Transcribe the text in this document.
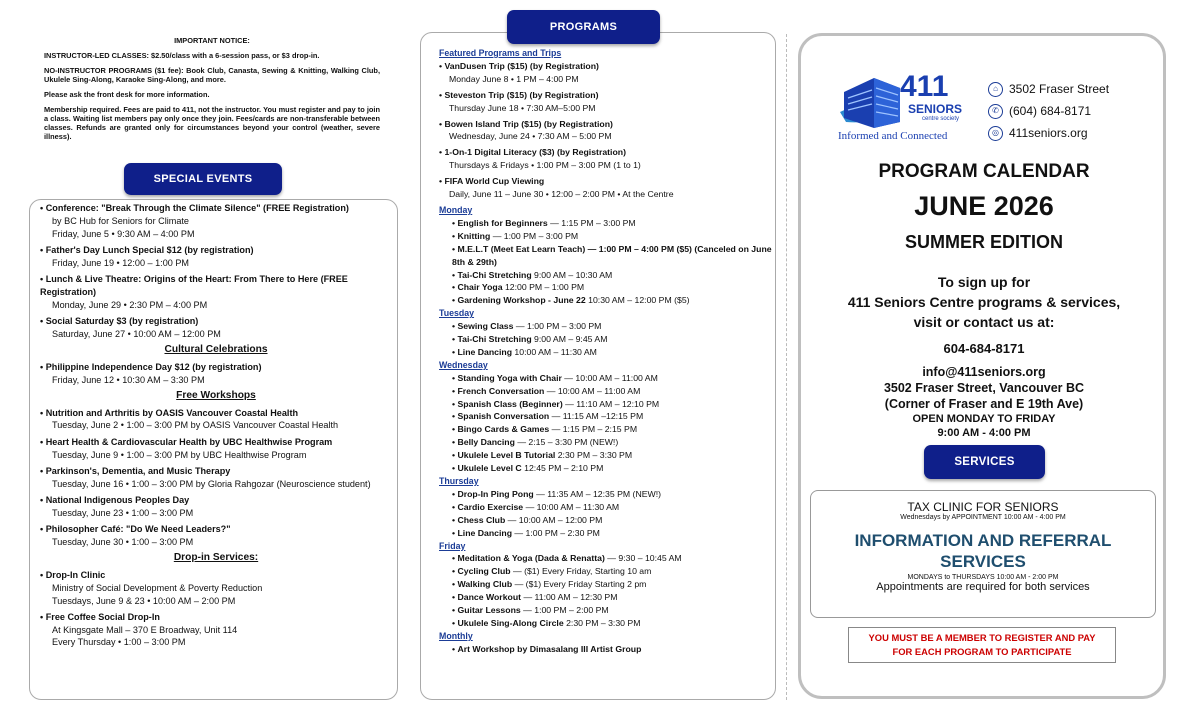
IMPORTANT NOTICE:

INSTRUCTOR-LED CLASSES: $2.50/class with a 6-session pass, or $3 drop-in.

NO-INSTRUCTOR PROGRAMS ($1 fee): Book Club, Canasta, Sewing & Knitting, Walking Club, Ukulele Sing-Along, Karaoke Sing-Along, and more.

Please ask the front desk for more information.

Membership required. Fees are paid to 411, not the instructor. You must register and pay to join a class. Waiting list members pay only once they join. Fees/cards are non-transferable between classes. Refunds are granted only for circumstances beyond your control (weather, severe illness).

SPECIAL EVENTS
• Conference: "Break Through the Climate Silence" (FREE Registration)
by BC Hub for Seniors for Climate
Friday, June 5 • 9:30 AM – 4:00 PM
• Father's Day Lunch Special $12 (by registration)
Friday, June 19 • 12:00 – 1:00 PM
• Lunch & Live Theatre: Origins of the Heart: From There to Here (FREE Registration)
Monday, June 29 • 2:30 PM – 4:00 PM
• Social Saturday $3 (by registration)
Saturday, June 27 • 10:00 AM – 12:00 PM
Cultural Celebrations
• Philippine Independence Day $12 (by registration)
Friday, June 12 • 10:30 AM – 3:30 PM
Free Workshops
• Nutrition and Arthritis by OASIS Vancouver Coastal Health
Tuesday, June 2 • 1:00 – 3:00 PM by OASIS Vancouver Coastal Health
• Heart Health & Cardiovascular Health by UBC Healthwise Program
Tuesday, June 9 • 1:00 – 3:00 PM by UBC Healthwise Program
• Parkinson's, Dementia, and Music Therapy
Tuesday, June 16 • 1:00 – 3:00 PM by Gloria Rahgozar (Neuroscience student)
• National Indigenous Peoples Day
Tuesday, June 23 • 1:00 – 3:00 PM
• Philosopher Café: "Do We Need Leaders?"
Tuesday, June 30 • 1:00 – 3:00 PM
Drop-in Services:
• Drop-In Clinic
Ministry of Social Development & Poverty Reduction
Tuesdays, June 9 & 23 • 10:00 AM – 2:00 PM
• Free Coffee Social Drop-In
At Kingsgate Mall – 370 E Broadway, Unit 114
Every Thursday • 1:00 – 3:00 PM
PROGRAMS
Featured Programs and Trips
• VanDusen Trip ($15) (by Registration)
Monday June 8 • 1 PM – 4:00 PM
• Steveston Trip ($15) (by Registration)
Thursday June 18 • 7:30 AM–5:00 PM
• Bowen Island Trip ($15) (by Registration)
Wednesday, June 24 • 7:30 AM – 5:00 PM
• 1-On-1 Digital Literacy ($3) (by Registration)
Thursdays & Fridays • 1:00 PM – 3:00 PM (1 to 1)
• FIFA World Cup Viewing
Daily, June 11 – June 30 • 12:00 – 2:00 PM • At the Centre
Monday
• English for Beginners — 1:15 PM – 3:00 PM
• Knitting — 1:00 PM – 3:00 PM
• M.E.L.T (Meet Eat Learn Teach) — 1:00 PM – 4:00 PM ($5) (Canceled on June 8th & 29th)
• Tai-Chi Stretching 9:00 AM – 10:30 AM
• Chair Yoga 12:00 PM – 1:00 PM
• Gardening Workshop - June 22 10:30 AM – 12:00 PM ($5)
Tuesday
• Sewing Class — 1:00 PM – 3:00 PM
• Tai-Chi Stretching 9:00 AM – 9:45 AM
• Line Dancing 10:00 AM – 11:30 AM
Wednesday
• Standing Yoga with Chair — 10:00 AM – 11:00 AM
• French Conversation — 10:00 AM – 11:00 AM
• Spanish Class (Beginner) — 11:10 AM – 12:10 PM
• Spanish Conversation — 11:15 AM –12:15 PM
• Bingo Cards & Games — 1:15 PM – 2:15 PM
• Belly Dancing — 2:15 – 3:30 PM (NEW!)
• Ukulele Level B Tutorial 2:30 PM – 3:30 PM
• Ukulele Level C 12:45 PM – 2:10 PM
Thursday
• Drop-In Ping Pong — 11:35 AM – 12:35 PM (NEW!)
• Cardio Exercise — 10:00 AM – 11:30 AM
• Chess Club — 10:00 AM – 12:00 PM
• Line Dancing — 1:00 PM – 2:30 PM
Friday
• Meditation & Yoga (Dada & Renatta) — 9:30 – 10:45 AM
• Cycling Club — ($1) Every Friday, Starting 10 am
• Walking Club — ($1) Every Friday Starting 2 pm
• Dance Workout — 11:00 AM – 12:30 PM
• Guitar Lessons — 1:00 PM – 2:00 PM
• Ukulele Sing-Along Circle 2:30 PM – 3:30 PM
Monthly
• Art Workshop by Dimasalang III Artist Group
411
SENIORS
centre society
Informed and Connected
⌂ 3502 Fraser Street
✆ (604) 684-8171
◎ 411seniors.org
PROGRAM CALENDAR
JUNE 2026
SUMMER EDITION
To sign up for
411 Seniors Centre programs & services,
visit or contact us at:
604-684-8171
info@411seniors.org
3502 Fraser Street, Vancouver BC
(Corner of Fraser and E 19th Ave)
OPEN MONDAY TO FRIDAY
9:00 AM - 4:00 PM
SERVICES
TAX CLINIC FOR SENIORS
Wednesdays by APPOINTMENT 10:00 AM - 4:00 PM
INFORMATION AND REFERRAL
SERVICES
MONDAYS to THURSDAYS 10:00 AM - 2:00 PM
Appointments are required for both services
YOU MUST BE A MEMBER TO REGISTER AND PAY
FOR EACH PROGRAM TO PARTICIPATE
